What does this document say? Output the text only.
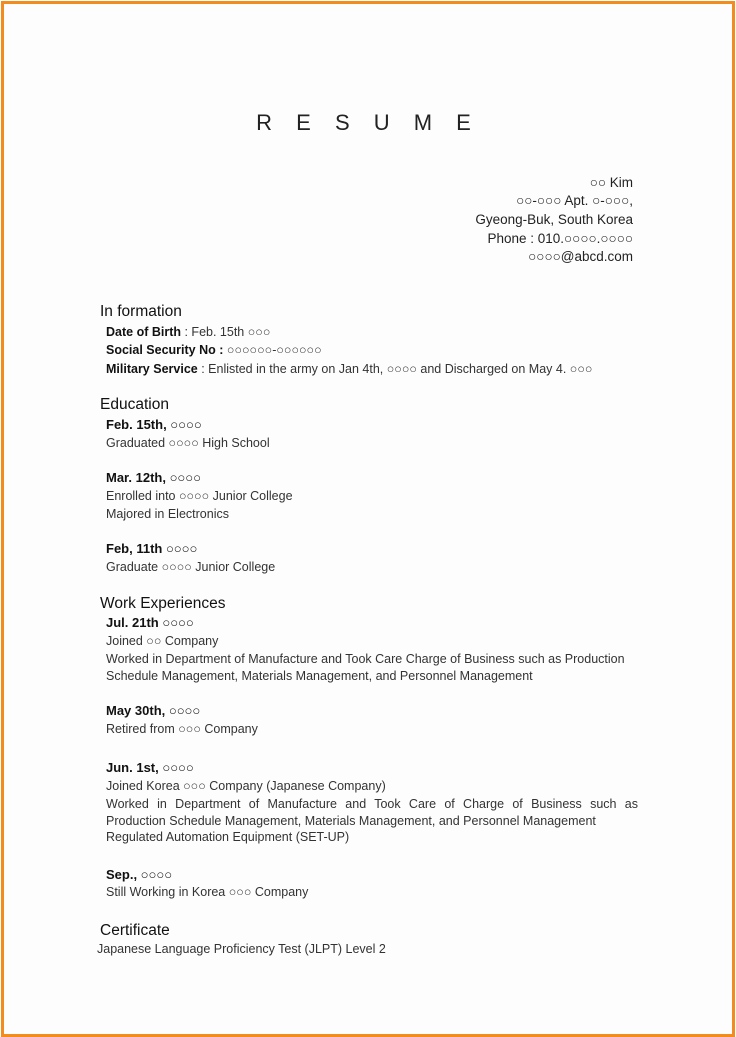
R E S U M E
○○ Kim
○○-○○○ Apt. ○-○○○,
Gyeong-Buk, South Korea
Phone : 010.○○○○.○○○○
○○○○@abcd.com
In formation
Date of Birth : Feb. 15th ○○○
Social Security No : ○○○○○○-○○○○○○
Military Service : Enlisted in the army on Jan 4th, ○○○○ and Discharged on May 4. ○○○
Education
Feb. 15th, ○○○○
Graduated ○○○○ High School
Mar. 12th, ○○○○
Enrolled into ○○○○ Junior College
Majored in Electronics
Feb, 11th ○○○○
Graduate ○○○○ Junior College
Work Experiences
Jul. 21th ○○○○
Joined ○○ Company
Worked in Department of Manufacture and Took Care Charge of Business such as Production
Schedule Management, Materials Management, and Personnel Management
May 30th, ○○○○
Retired from ○○○ Company
Jun. 1st, ○○○○
Joined Korea ○○○ Company (Japanese Company)
Worked in Department of Manufacture and Took Care of Charge of Business such as Production Schedule Management, Materials Management, and Personnel Management
Regulated Automation Equipment (SET-UP)
Sep., ○○○○
Still Working in Korea ○○○ Company
Certificate
Japanese Language Proficiency Test (JLPT) Level 2
